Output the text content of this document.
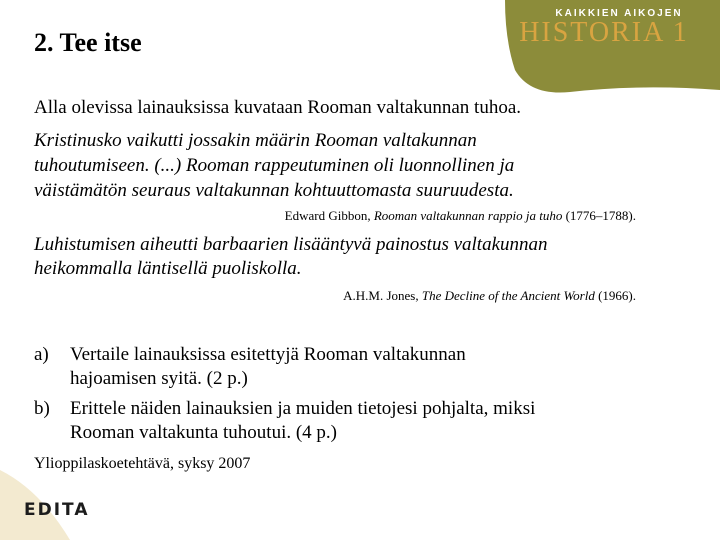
KAIKKIEN AIKOJEN
HISTORIA 1
2. Tee itse
Alla olevissa lainauksissa kuvataan Rooman valtakunnan tuhoa.
Kristinusko vaikutti jossakin määrin Rooman valtakunnan
tuhoutumiseen. (...) Rooman rappeutuminen oli luonnollinen ja
väistämätön seuraus valtakunnan kohtuuttomasta suuruudesta.
Edward Gibbon, Rooman valtakunnan rappio ja tuho (1776–1788).
Luhistumisen aiheutti barbaarien lisääntyvä painostus valtakunnan
heikommalla läntisellä puoliskolla.
A.H.M. Jones, The Decline of the Ancient World (1966).
a) Vertaile lainauksissa esitettyjä Rooman valtakunnan
hajoamisen syitä. (2 p.)
b) Erittele näiden lainauksien ja muiden tietojesi pohjalta, miksi
Rooman valtakunta tuhoutui. (4 p.)
Ylioppilaskoetehtävä, syksy 2007
EDITA
